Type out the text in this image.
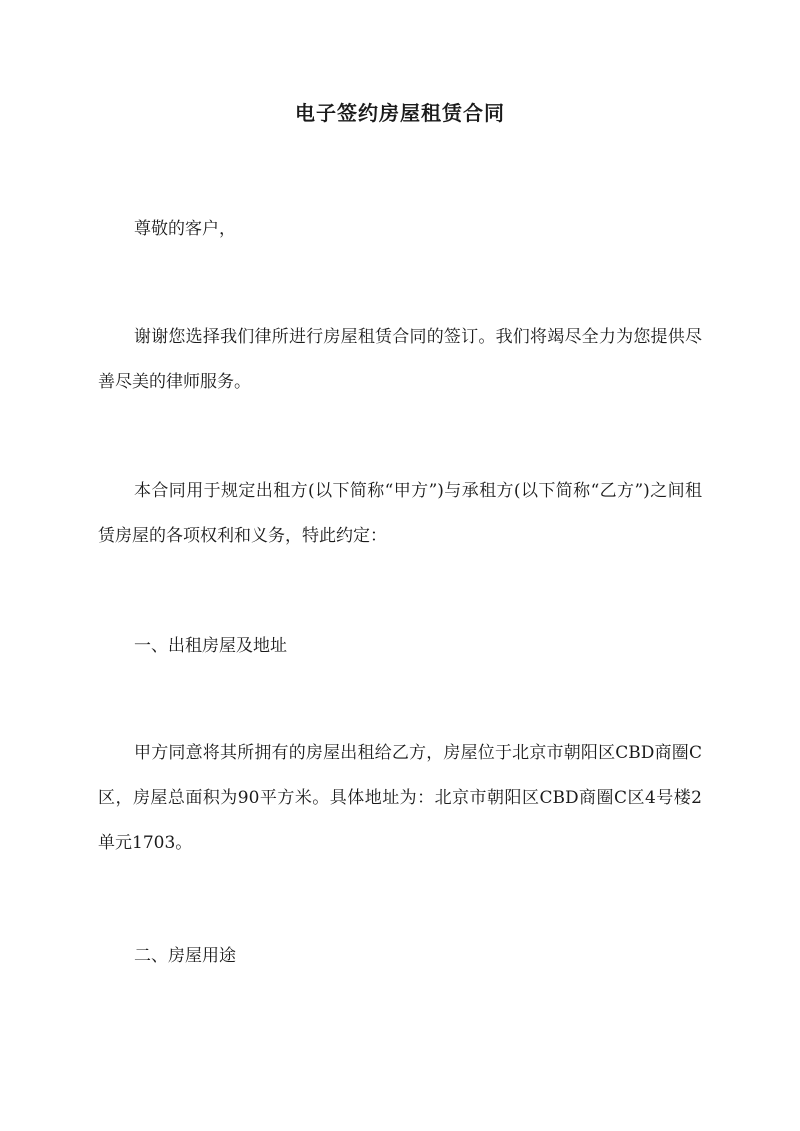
电子签约房屋租赁合同

尊敬的客户，

谢谢您选择我们律所进行房屋租赁合同的签订。我们将竭尽全力为您提供尽善尽美的律师服务。

本合同用于规定出租方(以下简称“甲方”)与承租方(以下简称“乙方”)之间租赁房屋的各项权利和义务，特此约定：

一、出租房屋及地址

甲方同意将其所拥有的房屋出租给乙方，房屋位于北京市朝阳区CBD商圈C区，房屋总面积为90平方米。具体地址为：北京市朝阳区CBD商圈C区4号楼2单元1703。

二、房屋用途
